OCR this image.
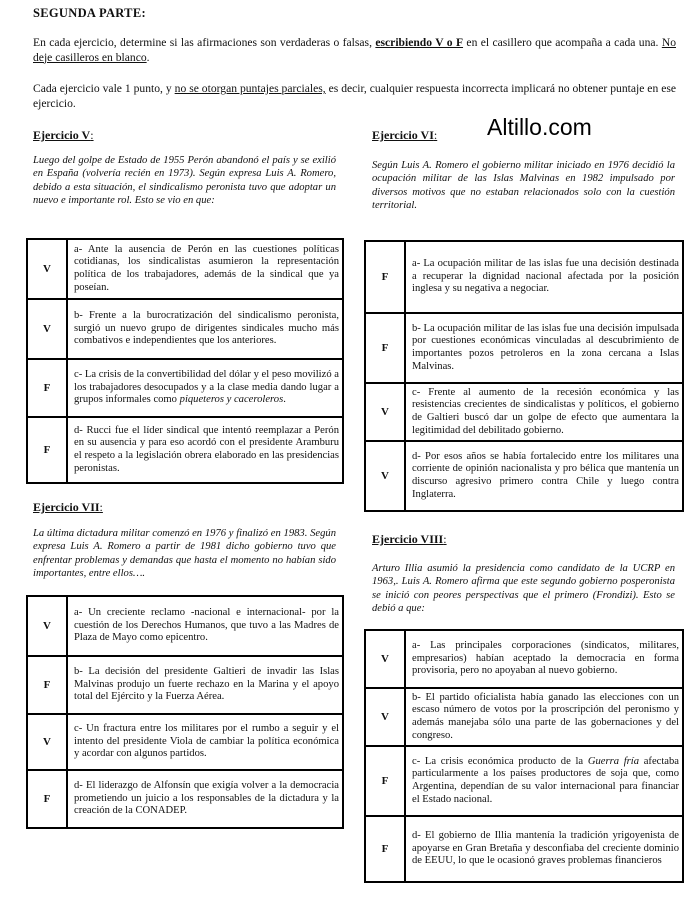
SEGUNDA PARTE:
En cada ejercicio, determine si las afirmaciones son verdaderas o falsas, escribiendo V o F en el casillero que acompaña a cada una. No deje casilleros en blanco.
Cada ejercicio vale 1 punto, y no se otorgan puntajes parciales, es decir, cualquier respuesta incorrecta implicará no obtener puntaje en ese ejercicio.
Altillo.com
Ejercicio V:
Luego del golpe de Estado de 1955 Perón abandonó el país y se exilió en España (volvería recién en 1973). Según expresa Luis A. Romero, debido a esta situación, el sindicalismo peronista tuvo que adoptar un nuevo e importante rol. Esto se vio en que:
V	a- Ante la ausencia de Perón en las cuestiones políticas cotidianas, los sindicalistas asumieron la representación política de los trabajadores, además de la sindical que ya poseían.
V	b- Frente a la burocratización del sindicalismo peronista, surgió un nuevo grupo de dirigentes sindicales mucho más combativos e independientes que los anteriores.
F	c- La crisis de la convertibilidad del dólar y el peso movilizó a los trabajadores desocupados y a la clase media dando lugar a grupos informales como piqueteros y caceroleros.
F	d- Rucci fue el líder sindical que intentó reemplazar a Perón en su ausencia y para eso acordó con el presidente Aramburu el respeto a la legislación obrera elaborado en las presidencias peronistas.
Ejercicio VI:
Según Luis A. Romero el gobierno militar iniciado en 1976 decidió la ocupación militar de las Islas Malvinas en 1982 impulsado por diversos motivos que no estaban relacionados solo con la cuestión territorial.
F	a- La ocupación militar de las islas fue una decisión destinada a recuperar la dignidad nacional afectada por la posición inglesa y su negativa a negociar.
F	b- La ocupación militar de las islas fue una decisión impulsada por cuestiones económicas vinculadas al descubrimiento de importantes pozos petroleros en la zona cercana a Islas Malvinas.
V	c- Frente al aumento de la recesión económica y las resistencias crecientes de sindicalistas y políticos, el gobierno de Galtieri buscó dar un golpe de efecto que aumentara la legitimidad del debilitado gobierno.
V	d- Por esos años se había fortalecido entre los militares una corriente de opinión nacionalista y pro bélica que mantenía un discurso agresivo primero contra Chile y luego contra Inglaterra.
Ejercicio VII:
La última dictadura militar comenzó en 1976 y finalizó en 1983. Según expresa Luis A. Romero a partir de 1981 dicho gobierno tuvo que enfrentar problemas y demandas que hasta el momento no habían sido importantes, entre ellos….
V	a- Un creciente reclamo -nacional e internacional- por la cuestión de los Derechos Humanos, que tuvo a las Madres de Plaza de Mayo como epicentro.
F	b- La decisión del presidente Galtieri de invadir las Islas Malvinas produjo un fuerte rechazo en la Marina y el apoyo total del Ejército y la Fuerza Aérea.
V	c- Un fractura entre los militares por el rumbo a seguir y el intento del presidente Viola de cambiar la política económica y acordar con algunos partidos.
F	d- El liderazgo de Alfonsín que exigía volver a la democracia prometiendo un juicio a los responsables de la dictadura y la creación de la CONADEP.
Ejercicio VIII:
Arturo Illia asumió la presidencia como candidato de la UCRP en 1963,. Luis A. Romero afirma que este segundo gobierno posperonista se inició con peores perspectivas que el primero (Frondizi). Esto se debió a que:
V	a- Las principales corporaciones (sindicatos, militares, empresarios) habían aceptado la democracia en forma provisoria, pero no apoyaban al nuevo gobierno.
V	b- El partido oficialista había ganado las elecciones con un escaso número de votos por la proscripción del peronismo y además manejaba sólo una parte de las gobernaciones y del congreso.
F	c- La crisis económica producto de la Guerra fría afectaba particularmente a los países productores de soja que, como Argentina, dependían de su valor internacional para financiar el Estado nacional.
F	d- El gobierno de Illia mantenía la tradición yrigoyenista de apoyarse en Gran Bretaña y desconfiaba del creciente dominio de EEUU, lo que le ocasionó graves problemas financieros
